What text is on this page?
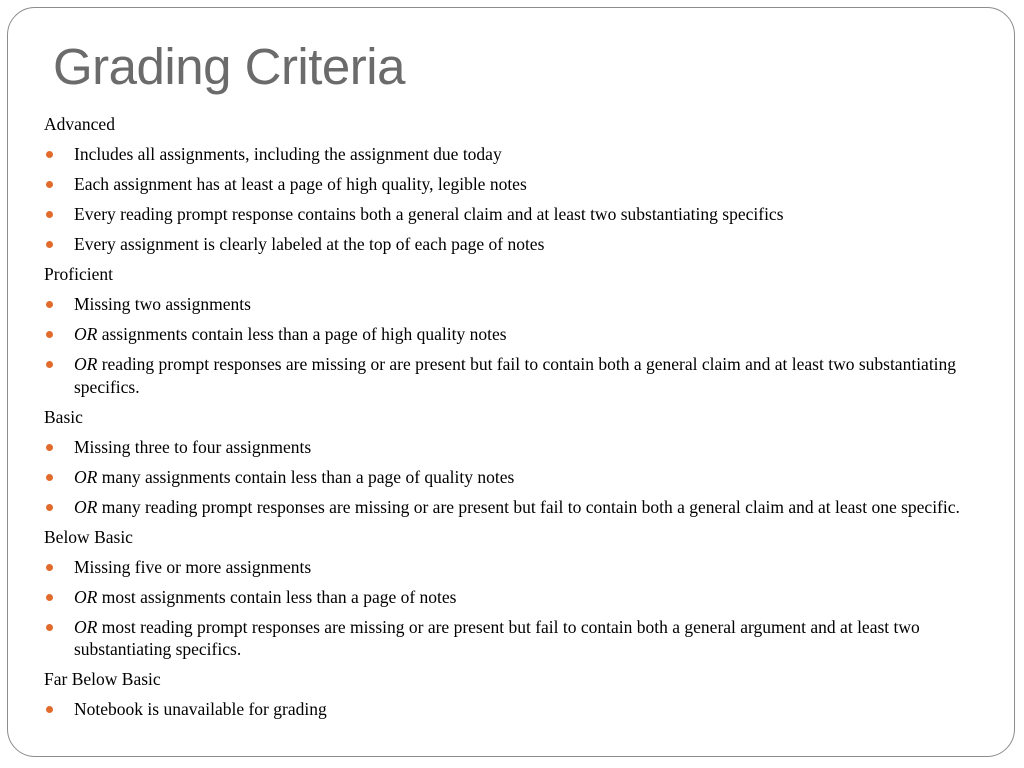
Grading Criteria
Advanced
Includes all assignments, including the assignment due today
Each assignment has at least a page of high quality, legible notes
Every reading prompt response contains both a general claim and at least two substantiating specifics
Every assignment is clearly labeled at the top of each page of notes
Proficient
Missing two assignments
OR assignments contain less than a page of high quality notes
OR reading prompt responses are missing or are present but fail to contain both a general claim and at least two substantiating specifics.
Basic
Missing three to four assignments
OR many assignments contain less than a page of quality notes
OR many reading prompt responses are missing or are present but fail to contain both a general claim and at least one specific.
Below Basic
Missing five or more assignments
OR most assignments contain less than a page of notes
OR most reading prompt responses are missing or are present but fail to contain both a general argument and at least two substantiating specifics.
Far Below Basic
Notebook is unavailable for grading
